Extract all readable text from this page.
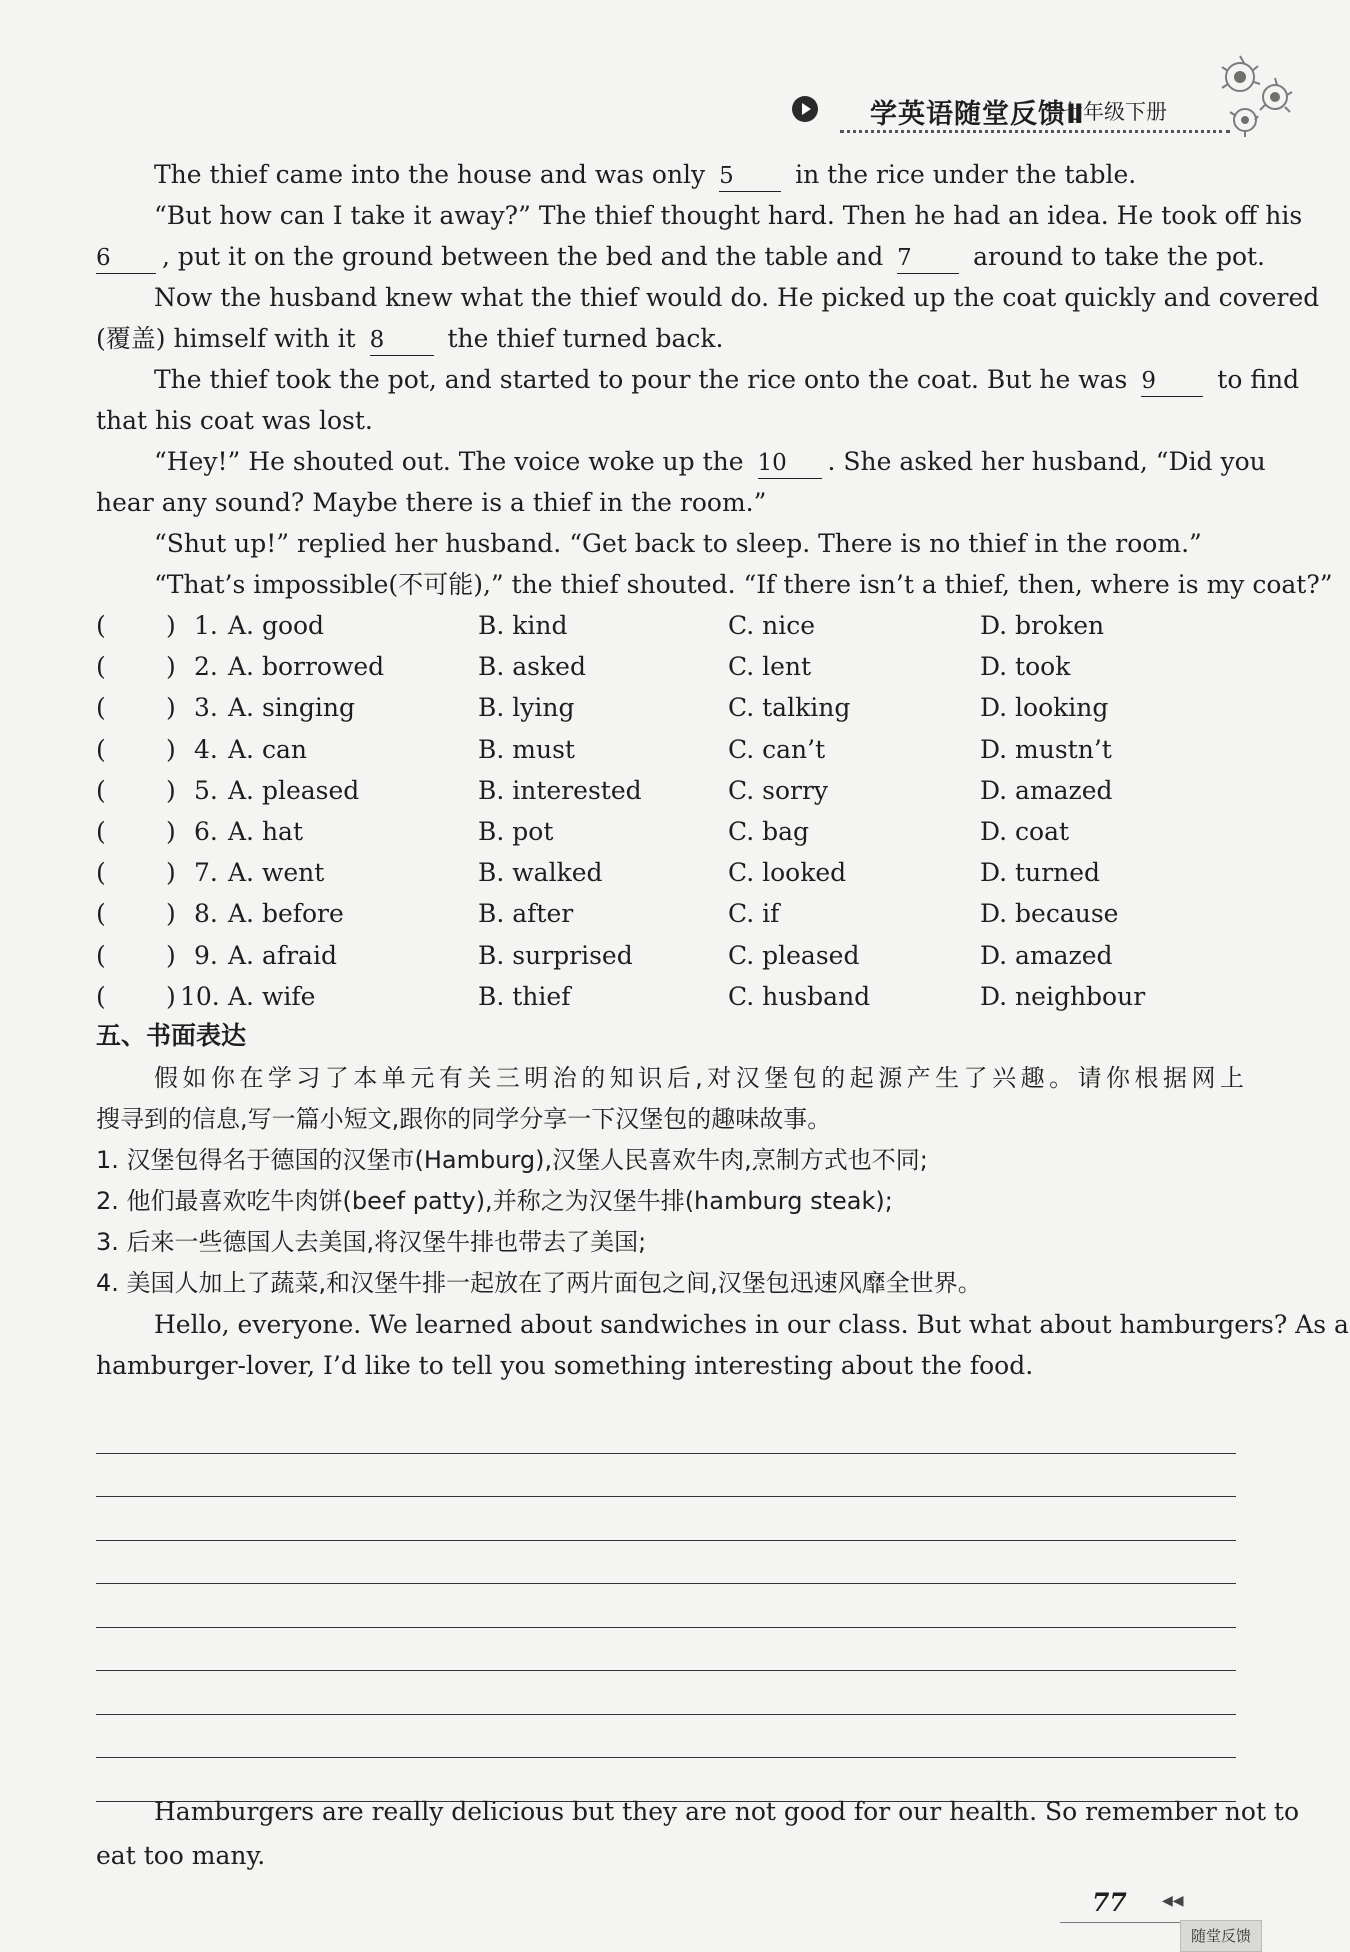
学英语随堂反馈Ⅱ
七年级下册
The thief came into the house and was only 5 in the rice under the table.
“But how can I take it away?” The thief thought hard. Then he had an idea. He took off his
6 , put it on the ground between the bed and the table and 7 around to take the pot.
Now the husband knew what the thief would do. He picked up the coat quickly and covered
(覆盖) himself with it 8	the thief turned back.
The thief took the pot, and started to pour the rice onto the coat. But he was 9 to find
that his coat was lost.
“Hey!” He shouted out. The voice woke up the 10 . She asked her husband, “Did you
hear any sound? Maybe there is a thief in the room.”
“Shut up!” replied her husband. “Get back to sleep. There is no thief in the room.”
“That’s impossible(不可能),” the thief shouted. “If there isn’t a thief, then, where is my coat?”
( ) 1. A. good	B. kind	C. nice	D. broken
( ) 2. A. borrowed	B. asked	C. lent	D. took
( ) 3. A. singing	B. lying	C. talking	D. looking
( ) 4. A. can	B. must	C. can’t	D. mustn’t
( ) 5. A. pleased	B. interested	C. sorry	D. amazed
( ) 6. A. hat	B. pot	C. bag	D. coat
( ) 7. A. went	B. walked	C. looked	D. turned
( ) 8. A. before	B. after	C. if	D. because
( ) 9. A. afraid	B. surprised	C. pleased	D. amazed
( ) 10. A. wife	B. thief	C. husband	D. neighbour
五、书面表达
假如你在学习了本单元有关三明治的知识后,对汉堡包的起源产生了兴趣。请你根据网上
搜寻到的信息,写一篇小短文,跟你的同学分享一下汉堡包的趣味故事。
1. 汉堡包得名于德国的汉堡市(Hamburg),汉堡人民喜欢牛肉,烹制方式也不同;
2. 他们最喜欢吃牛肉饼(beef patty),并称之为汉堡牛排(hamburg steak);
3. 后来一些德国人去美国,将汉堡牛排也带去了美国;
4. 美国人加上了蔬菜,和汉堡牛排一起放在了两片面包之间,汉堡包迅速风靡全世界。
Hello, everyone. We learned about sandwiches in our class. But what about hamburgers? As a
hamburger-lover, I’d like to tell you something interesting about the food.
Hamburgers are really delicious but they are not good for our health. So remember not to
eat too many.
77	◀◀
随堂反馈
